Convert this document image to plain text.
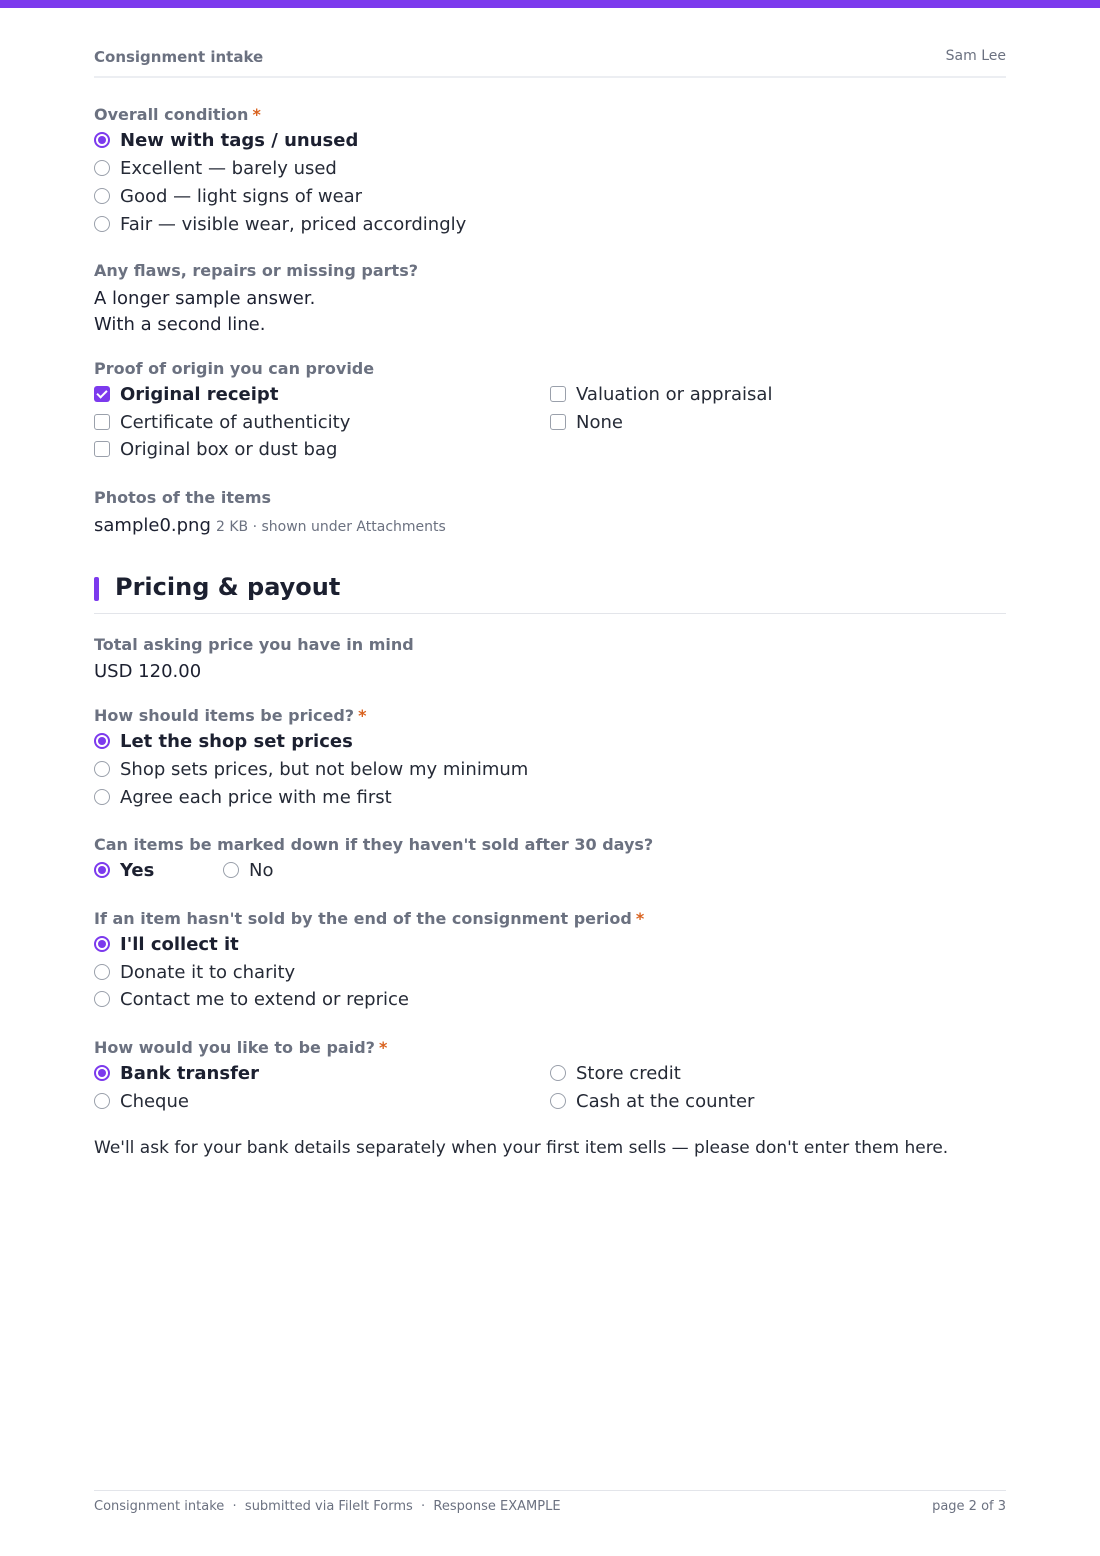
Consignment intake	Sam Lee
Overall condition *
New with tags / unused
Excellent — barely used
Good — light signs of wear
Fair — visible wear, priced accordingly
Any flaws, repairs or missing parts?
A longer sample answer.
With a second line.
Proof of origin you can provide
Original receipt
Certificate of authenticity
Original box or dust bag
Valuation or appraisal
None
Photos of the items
sample0.png 2 KB · shown under Attachments
Pricing & payout
Total asking price you have in mind
USD 120.00
How should items be priced? *
Let the shop set prices
Shop sets prices, but not below my minimum
Agree each price with me first
Can items be marked down if they haven't sold after 30 days?
Yes	No
If an item hasn't sold by the end of the consignment period *
I'll collect it
Donate it to charity
Contact me to extend or reprice
How would you like to be paid? *
Bank transfer
Cheque
Store credit
Cash at the counter
We'll ask for your bank details separately when your first item sells — please don't enter them here.
Consignment intake  ·  submitted via FileIt Forms  ·  Response EXAMPLE	page 2 of 3
